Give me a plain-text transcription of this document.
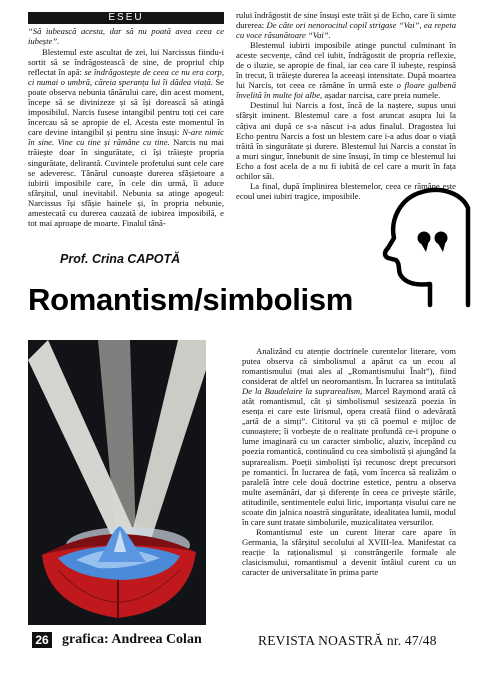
ESEU
“Să iubească acesta, dar să nu poată avea ceea ce iubește”.

Blestemul este ascultat de zei, lui Narcissus fiindu-i sortit să se îndrăgostească de sine, de propriul chip reflectat în apă: se îndrăgostește de ceea ce nu era corp, ci numai o umbră, căreia speranța lui îi dădea viață. Se poate observa nebunia tânărului care, din acest moment, începe să se divinizeze și să își dorească să atingă imposibilul. Narcis fusese intangibil pentru toți cei care încercau să se apropie de el. Acesta este momentul în care devine intangibil și pentru sine însuși: N-are nimic în sine. Vine cu tine și rămâne cu tine. Narcis nu mai trăiește doar în singurătate, ci își trăiește propria singurătate, delirantă. Cuvintele profetului sunt cele care se adeveresc. Tânărul cunoaște durerea sfâșietoare a iubirii imposibile care, în cele din urmă, îi aduce sfârșitul, unul inevitabil. Nebunia sa atinge apogeul: Narcissus își sfâșie hainele și, în propria nebunie, amestecată cu durerea cauzată de iubirea imposibilă, e tot mai aproape de moarte. Finalul tână-

rului îndrăgostit de sine însuși este trăit și de Echo, care îi simte durerea: De câte ori nenorocitul copil strigase “Vai”, ea repeta cu voce răsunătoare “Vai”.

Blestemul iubirii imposibile atinge punctul culminant în aceste secvențe, când cel iubit, îndrăgostit de propria reflexie, de o iluzie, se apropie de final, iar cea care îl iubește, respinsă în trecut, îi trăiește durerea la aceeași intensitate. După moartea lui Narcis, tot ceea ce rămâne în urmă este o floare galbenă învelită în multe foi albe, așadar narcisa, care preia numele.

Destinul lui Narcis a fost, încă de la naștere, supus unui sfârșit iminent. Blestemul care a fost aruncat asupra lui la câțiva ani după ce s-a născut i-a adus finalul. Dragostea lui Echo pentru Narcis a fost un blestem care i-a adus doar o viață trăită în singurătate și durere. Blestemul lui Narcis a constat în a muri singur, înnebunit de sine însuși, în timp ce blestemul lui Echo a fost acela de a nu fi iubită de cel care a murit în fața ochilor săi.

La final, după împlinirea blestemelor, ceea ce rămâne este ecoul unei iubiri tragice, imposibile.

Prof. Crina CAPOTĂ
Romantism/simbolism

Analizând cu atenție doctrinele curentelor literare, vom putea observa că simbolismul a apărut ca un ecou al romantismului (mai ales al „Romantismului Înalt”), fiind considerat de altfel un neoromantism. În lucrarea sa intitulată De la Baudelaire la suprarealism, Marcel Raymond arată că atât romantismul, cât și simbolismul sesizează poezia în esența ei care este lirismul, opera creată fiind o adevărată „artă de a simți”. Cititorul va ști că poemul e mijloc de cunoaștere; îi vorbește de o realitate profundă ce-i propune o lume imaginară cu un caracter simbolic, aluziv, începând cu poezia romantică, continuând cu cea simbolistă și ajungând la suprarealism. Poeții simboliști își recunosc drept precursori pe romantici. În lucrarea de față, vom încerca să realizăm o paralelă între cele două doctrine estetice, pentru a observa multe asemănări, dar și diferențe în ceea ce privește stările, atitudinile, sentimentele eului liric, importanța visului care ne scoate din jalnica noastră singurătate, idealitatea lumii, modul în care sunt tratate simbolurile, muzicalitatea versurilor.

Romantismul este un curent literar care apare în Germania, la sfârșitul secolului al XVIII-lea. Manifestat ca reacție la raționalismul și constrângerile formale ale clasicismului, romantismul a devenit întâiul curent cu un caracter de universalitate în prima parte

26 grafica: Andreea Colan	REVISTA NOASTRĂ nr. 47/48
